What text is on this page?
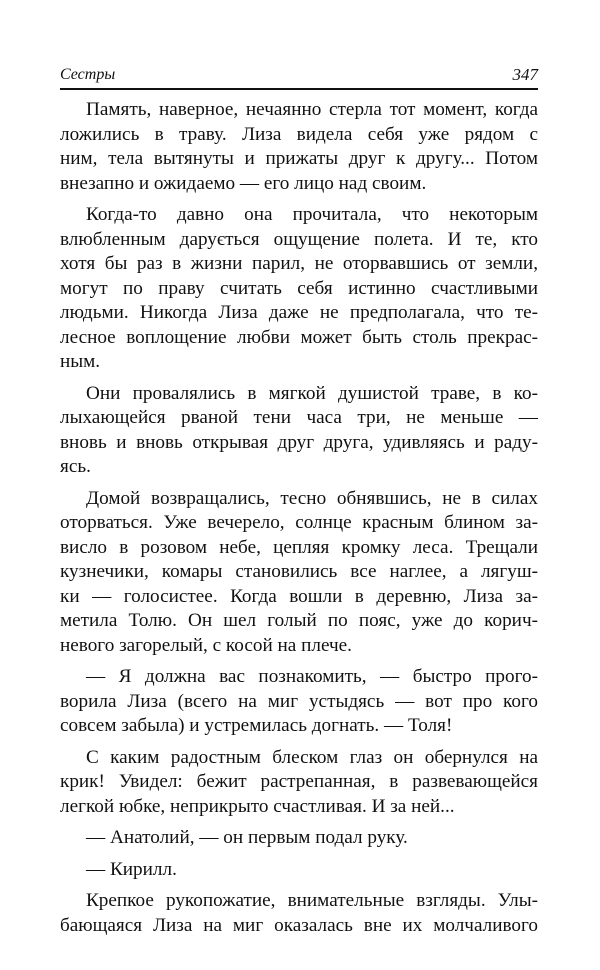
Сестры	347
Память, наверное, нечаянно стерла тот момент, когда
ложились в траву. Лиза видела себя уже рядом с
ним, тела вытянуты и прижаты друг к другу... Потом
внезапно и ожидаемо — его лицо над своим.
Когда-то давно она прочитала, что некоторым
влюбленным дарується ощущение полета. И те, кто
хотя бы раз в жизни парил, не оторвавшись от земли,
могут по праву считать себя истинно счастливыми
людьми. Никогда Лиза даже не предполагала, что те-
лесное воплощение любви может быть столь прекрас-
ным.
Они провалялись в мягкой душистой траве, в ко-
лыхающейся рваной тени часа три, не меньше —
вновь и вновь открывая друг друга, удивляясь и раду-
ясь.
Домой возвращались, тесно обнявшись, не в силах
оторваться. Уже вечерело, солнце красным блином за-
висло в розовом небе, цепляя кромку леса. Трещали
кузнечики, комары становились все наглее, а лягуш-
ки — голосистее. Когда вошли в деревню, Лиза за-
метила Толю. Он шел голый по пояс, уже до корич-
невого загорелый, с косой на плече.
— Я должна вас познакомить, — быстро прого-
ворила Лиза (всего на миг устыдясь — вот про кого
совсем забыла) и устремилась догнать. — Толя!
С каким радостным блеском глаз он обернулся на
крик! Увидел: бежит растрепанная, в развевающейся
легкой юбке, неприкрыто счастливая. И за ней...
— Анатолий, — он первым подал руку.
— Кирилл.
Крепкое рукопожатие, внимательные взгляды. Улы-
бающаяся Лиза на миг оказалась вне их молчаливого
